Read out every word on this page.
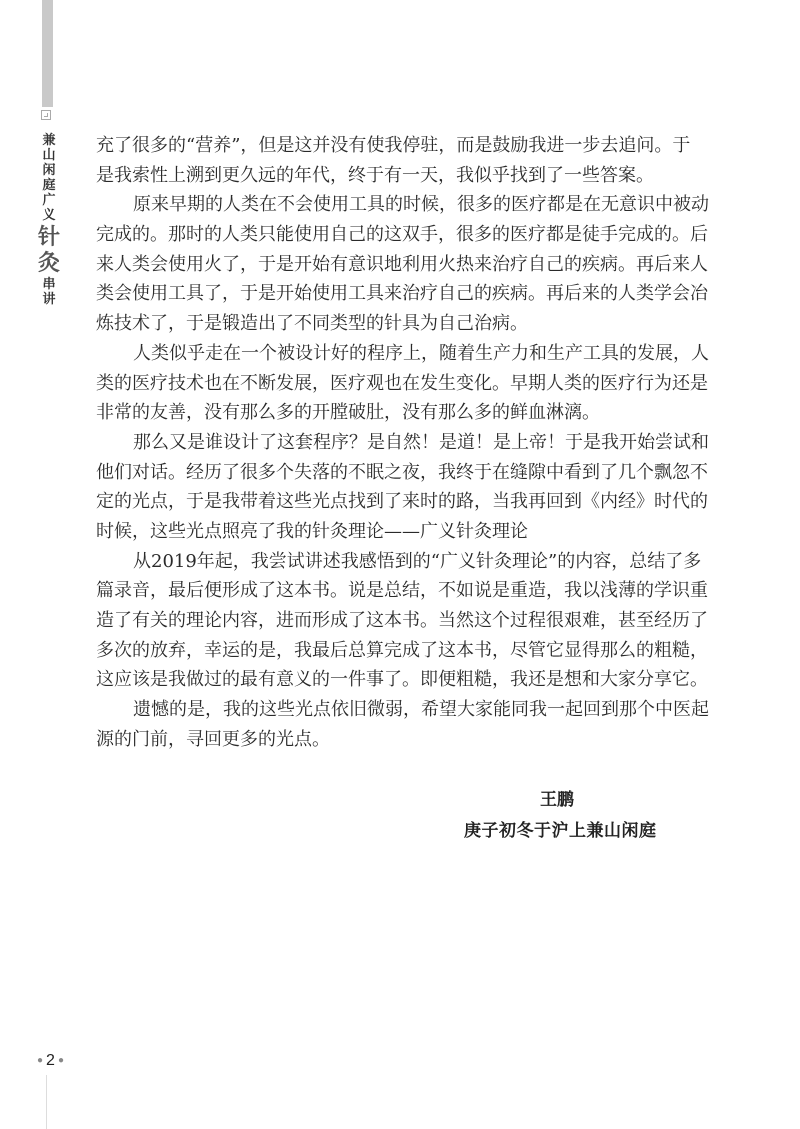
兼
山
闲
庭
广
义
针
灸
串
讲
充了很多的“营养”，但是这并没有使我停驻，而是鼓励我进一步去追问。于
是我索性上溯到更久远的年代，终于有一天，我似乎找到了一些答案。
原来早期的人类在不会使用工具的时候，很多的医疗都是在无意识中被动
完成的。那时的人类只能使用自己的这双手，很多的医疗都是徒手完成的。后
来人类会使用火了，于是开始有意识地利用火热来治疗自己的疾病。再后来人
类会使用工具了，于是开始使用工具来治疗自己的疾病。再后来的人类学会冶
炼技术了，于是锻造出了不同类型的针具为自己治病。
人类似乎走在一个被设计好的程序上，随着生产力和生产工具的发展，人
类的医疗技术也在不断发展，医疗观也在发生变化。早期人类的医疗行为还是
非常的友善，没有那么多的开膛破肚，没有那么多的鲜血淋漓。
那么又是谁设计了这套程序？是自然！是道！是上帝！于是我开始尝试和
他们对话。经历了很多个失落的不眠之夜，我终于在缝隙中看到了几个飘忽不
定的光点，于是我带着这些光点找到了来时的路，当我再回到《内经》时代的
时候，这些光点照亮了我的针灸理论——广义针灸理论
从2019年起，我尝试讲述我感悟到的“广义针灸理论”的内容，总结了多
篇录音，最后便形成了这本书。说是总结，不如说是重造，我以浅薄的学识重
造了有关的理论内容，进而形成了这本书。当然这个过程很艰难，甚至经历了
多次的放弃，幸运的是，我最后总算完成了这本书，尽管它显得那么的粗糙，
这应该是我做过的最有意义的一件事了。即便粗糙，我还是想和大家分享它。
遗憾的是，我的这些光点依旧微弱，希望大家能同我一起回到那个中医起
源的门前，寻回更多的光点。
王鹏
庚子初冬于沪上兼山闲庭
● 2 ●
